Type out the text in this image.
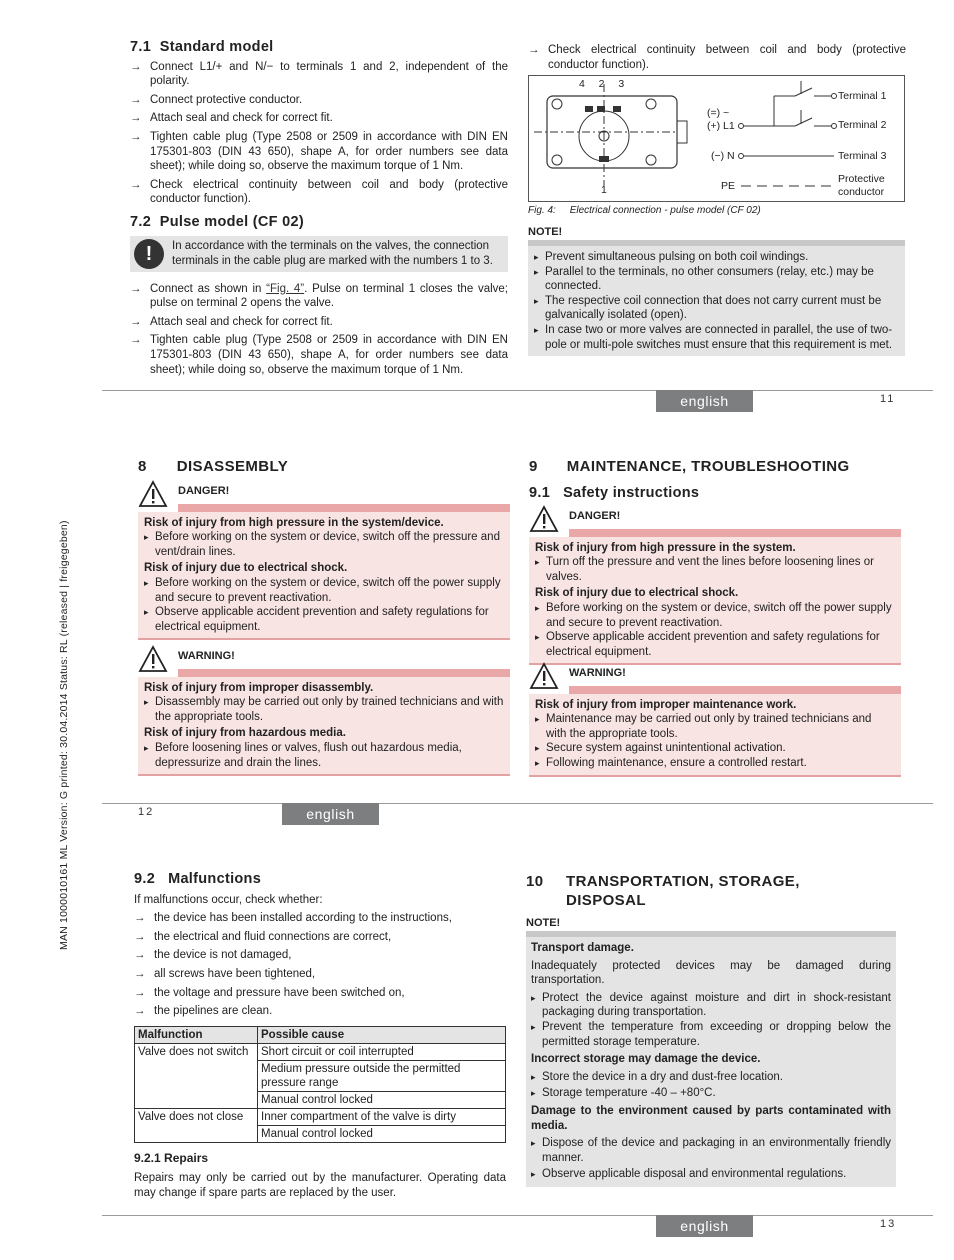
MAN 1000010161 ML Version: G printed: 30.04.2014 Status: RL (released | freigegeben)
7.1 Standard model
→ Connect L1/+ and N/− to terminals 1 and 2, independent of the polarity.
→ Connect protective conductor.
→ Attach seal and check for correct fit.
→ Tighten cable plug (Type 2508 or 2509 in accordance with DIN EN 175301-803 (DIN 43 650), shape A, for order numbers see data sheet); while doing so, observe the maximum torque of 1 Nm.
→ Check electrical continuity between coil and body (protective conductor function).
7.2 Pulse model (CF 02)
!	In accordance with the terminals on the valves, the connection terminals in the cable plug are marked with the numbers 1 to 3.
→ Connect as shown in “Fig. 4”. Pulse on terminal 1 closes the valve; pulse on terminal 2 opens the valve.
→ Attach seal and check for correct fit.
→ Tighten cable plug (Type 2508 or 2509 in accordance with DIN EN 175301-803 (DIN 43 650), shape A, for order numbers see data sheet); while doing so, observe the maximum torque of 1 Nm.
→ Check electrical continuity between coil and body (protective conductor function).
4  2  3
1
(=) ~
(+) L1
(−) N
PE
Terminal 1
Terminal 2
Terminal 3
Protective
conductor
Fig. 4: Electrical connection - pulse model (CF 02)
NOTE!
▸ Prevent simultaneous pulsing on both coil windings.
▸ Parallel to the terminals, no other consumers (relay, etc.) may be connected.
▸ The respective coil connection that does not carry current must be galvanically isolated (open).
▸ In case two or more valves are connected in parallel, the use of two-pole or multi-pole switches must ensure that this requirement is met.
english	11
8 DISASSEMBLY
DANGER!
Risk of injury from high pressure in the system/device.
▸ Before working on the system or device, switch off the pressure and vent/drain lines.
Risk of injury due to electrical shock.
▸ Before working on the system or device, switch off the power supply and secure to prevent reactivation.
▸ Observe applicable accident prevention and safety regulations for electrical equipment.
WARNING!
Risk of injury from improper disassembly.
▸ Disassembly may be carried out only by trained technicians and with the appropriate tools.
Risk of injury from hazardous media.
▸ Before loosening lines or valves, flush out hazardous media, depressurize and drain the lines.
9 MAINTENANCE, TROUBLESHOOTING
9.1 Safety instructions
DANGER!
Risk of injury from high pressure in the system.
▸ Turn off the pressure and vent the lines before loosening lines or valves.
Risk of injury due to electrical shock.
▸ Before working on the system or device, switch off the power supply and secure to prevent reactivation.
▸ Observe applicable accident prevention and safety regulations for electrical equipment.
WARNING!
Risk of injury from improper maintenance work.
▸ Maintenance may be carried out only by trained technicians and with the appropriate tools.
▸ Secure system against unintentional activation.
▸ Following maintenance, ensure a controlled restart.
12	english
9.2 Malfunctions
If malfunctions occur, check whether:
→ the device has been installed according to the instructions,
→ the electrical and fluid connections are correct,
→ the device is not damaged,
→ all screws have been tightened,
→ the voltage and pressure have been switched on,
→ the pipelines are clean.
Malfunction	Possible cause
Valve does not switch	Short circuit or coil interrupted
	Medium pressure outside the permitted pressure range
	Manual control locked
Valve does not close	Inner compartment of the valve is dirty
	Manual control locked
9.2.1 Repairs
Repairs may only be carried out by the manufacturer. Operating data may change if spare parts are replaced by the user.
10	TRANSPORTATION, STORAGE,
DISPOSAL
NOTE!
Transport damage.
Inadequately protected devices may be damaged during transportation.
▸ Protect the device against moisture and dirt in shock-resistant packaging during transportation.
▸ Prevent the temperature from exceeding or dropping below the permitted storage temperature.
Incorrect storage may damage the device.
▸ Store the device in a dry and dust-free location.
▸ Storage temperature -40 – +80°C.
Damage to the environment caused by parts contaminated with media.
▸ Dispose of the device and packaging in an environmentally friendly manner.
▸ Observe applicable disposal and environmental regulations.
english	13
